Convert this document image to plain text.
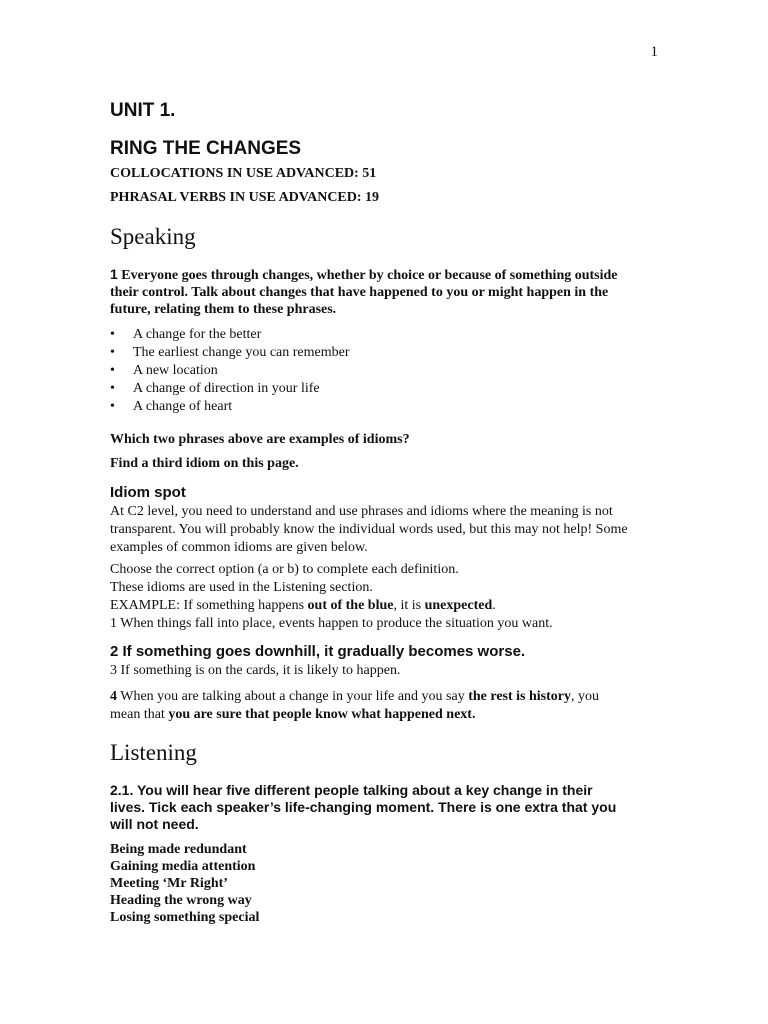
1
UNIT 1.
RING THE CHANGES
COLLOCATIONS IN USE ADVANCED: 51
PHRASAL VERBS IN USE ADVANCED: 19
Speaking

1 Everyone goes through changes, whether by choice or because of something outside their control. Talk about changes that have happened to you or might happen in the future, relating them to these phrases.

• A change for the better
• The earliest change you can remember
• A new location
• A change of direction in your life
• A change of heart

Which two phrases above are examples of idioms?

Find a third idiom on this page.

Idiom spot

At C2 level, you need to understand and use phrases and idioms where the meaning is not transparent. You will probably know the individual words used, but this may not help! Some examples of common idioms are given below.

Choose the correct option (a or b) to complete each definition.

These idioms are used in the Listening section.

EXAMPLE: If something happens out of the blue, it is unexpected.

1 When things fall into place, events happen to produce the situation you want.

2 If something goes downhill, it gradually becomes worse.

3 If something is on the cards, it is likely to happen.

4 When you are talking about a change in your life and you say the rest is history, you mean that you are sure that people know what happened next.

Listening

2.1. You will hear five different people talking about a key change in their lives. Tick each speaker’s life-changing moment. There is one extra that you will not need.

Being made redundant
Gaining media attention
Meeting ‘Mr Right’
Heading the wrong way
Losing something special
